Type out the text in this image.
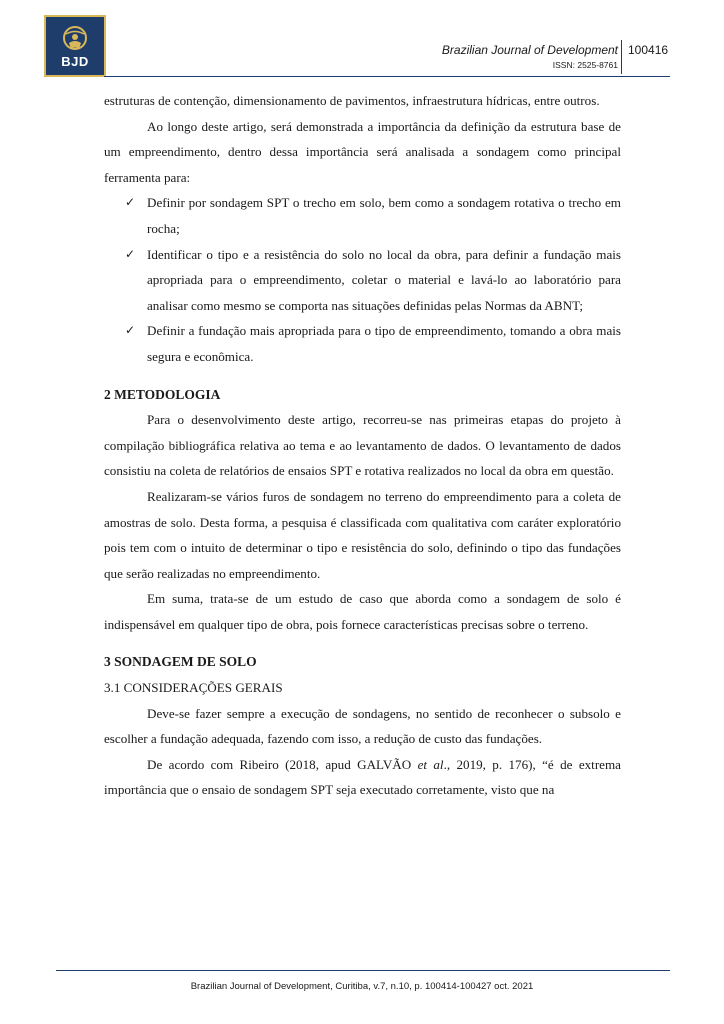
BJD
Brazilian Journal of Development
ISSN: 2525-8761
100416

estruturas de contenção, dimensionamento de pavimentos, infraestrutura hídricas, entre outros.

Ao longo deste artigo, será demonstrada a importância da definição da estrutura base de um empreendimento, dentro dessa importância será analisada a sondagem como principal ferramenta para:

✓ Definir por sondagem SPT o trecho em solo, bem como a sondagem rotativa o trecho em rocha;
✓ Identificar o tipo e a resistência do solo no local da obra, para definir a fundação mais apropriada para o empreendimento, coletar o material e lavá-lo ao laboratório para analisar como mesmo se comporta nas situações definidas pelas Normas da ABNT;
✓ Definir a fundação mais apropriada para o tipo de empreendimento, tomando a obra mais segura e econômica.
2 METODOLOGIA

Para o desenvolvimento deste artigo, recorreu-se nas primeiras etapas do projeto à compilação bibliográfica relativa ao tema e ao levantamento de dados. O levantamento de dados consistiu na coleta de relatórios de ensaios SPT e rotativa realizados no local da obra em questão.

Realizaram-se vários furos de sondagem no terreno do empreendimento para a coleta de amostras de solo. Desta forma, a pesquisa é classificada com qualitativa com caráter exploratório pois tem com o intuito de determinar o tipo e resistência do solo, definindo o tipo das fundações que serão realizadas no empreendimento.

Em suma, trata-se de um estudo de caso que aborda como a sondagem de solo é indispensável em qualquer tipo de obra, pois fornece características precisas sobre o terreno.

3 SONDAGEM DE SOLO
3.1 CONSIDERAÇÕES GERAIS

Deve-se fazer sempre a execução de sondagens, no sentido de reconhecer o subsolo e escolher a fundação adequada, fazendo com isso, a redução de custo das fundações.

De acordo com Ribeiro (2018, apud GALVÃO et al., 2019, p. 176), “é de extrema importância que o ensaio de sondagem SPT seja executado corretamente, visto que na

Brazilian Journal of Development, Curitiba, v.7, n.10, p. 100414-100427 oct. 2021
